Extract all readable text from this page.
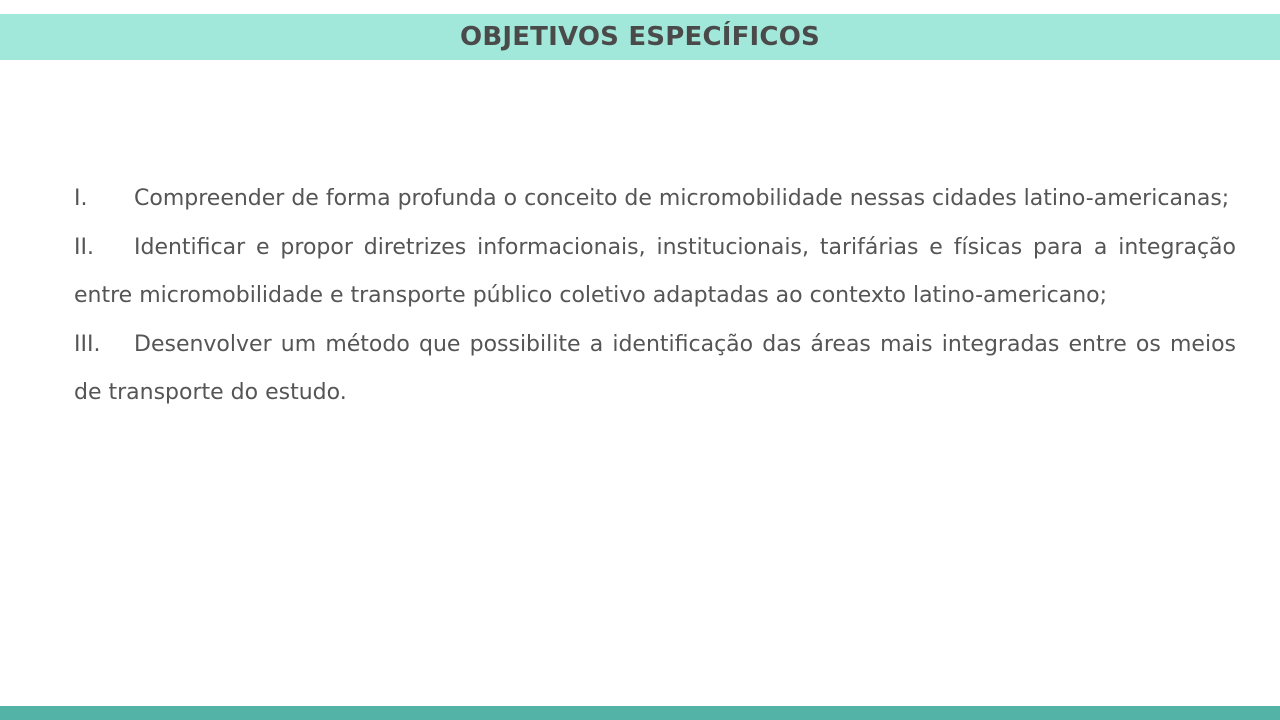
OBJETIVOS ESPECÍFICOS

I. Compreender de forma profunda o conceito de micromobilidade nessas cidades latino-americanas;

II. Identificar e propor diretrizes informacionais, institucionais, tarifárias e físicas para a integração entre micromobilidade e transporte público coletivo adaptadas ao contexto latino-americano;

III. Desenvolver um método que possibilite a identificação das áreas mais integradas entre os meios de transporte do estudo.
